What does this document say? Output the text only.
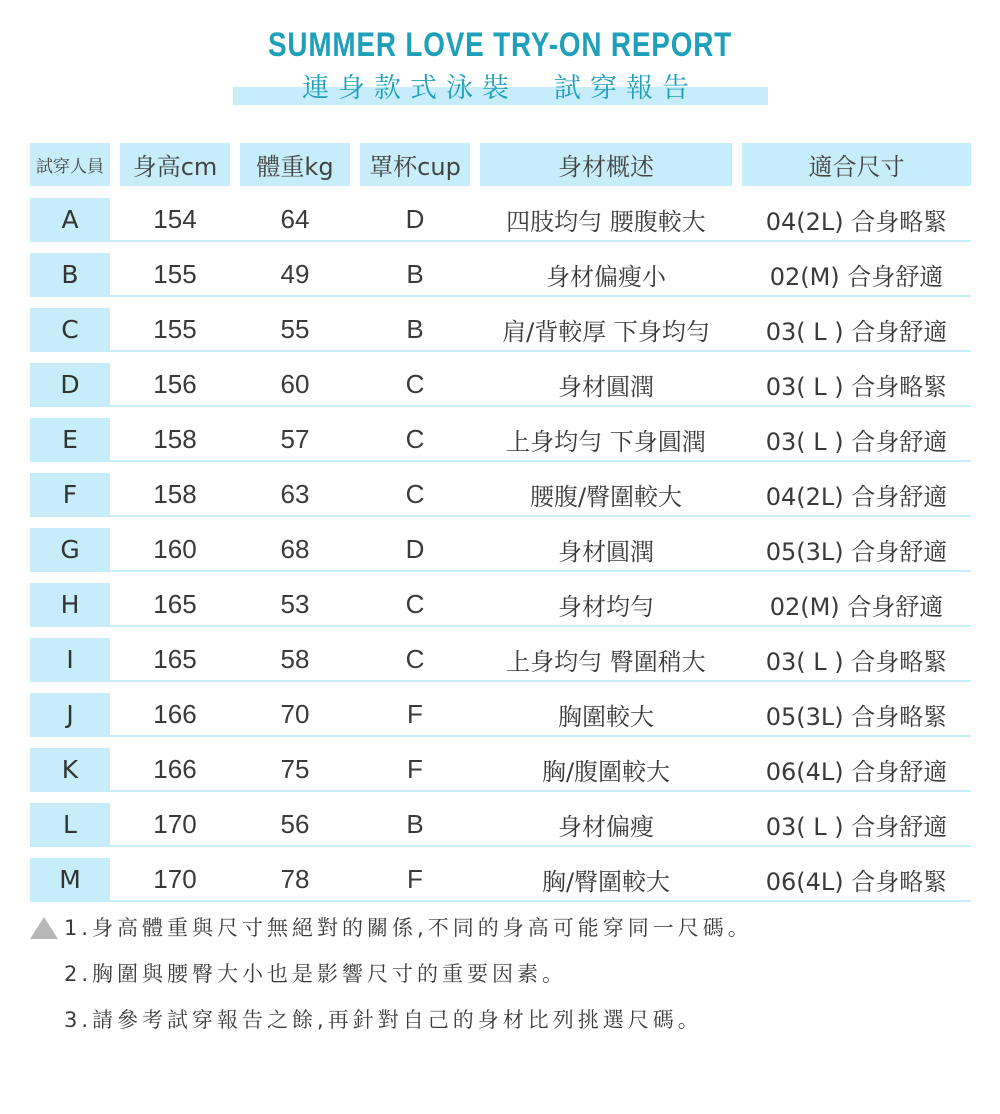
SUMMER LOVE TRY-ON REPORT
連身款式泳裝　試穿報告
試穿人員	身高cm	體重kg	罩杯cup	身材概述	適合尺寸
A	154	64	D	四肢均勻 腰腹較大	04(2L) 合身略緊
B	155	49	B	身材偏瘦小	02(M) 合身舒適
C	155	55	B	肩/背較厚 下身均勻	03( L ) 合身舒適
D	156	60	C	身材圓潤	03( L ) 合身略緊
E	158	57	C	上身均勻 下身圓潤	03( L ) 合身舒適
F	158	63	C	腰腹/臀圍較大	04(2L) 合身舒適
G	160	68	D	身材圓潤	05(3L) 合身舒適
H	165	53	C	身材均勻	02(M) 合身舒適
I	165	58	C	上身均勻 臀圍稍大	03( L ) 合身略緊
J	166	70	F	胸圍較大	05(3L) 合身略緊
K	166	75	F	胸/腹圍較大	06(4L) 合身舒適
L	170	56	B	身材偏瘦	03( L ) 合身舒適
M	170	78	F	胸/臀圍較大	06(4L) 合身略緊
1.身高體重與尺寸無絕對的關係,不同的身高可能穿同一尺碼。
2.胸圍與腰臀大小也是影響尺寸的重要因素。
3.請參考試穿報告之餘,再針對自己的身材比列挑選尺碼。
